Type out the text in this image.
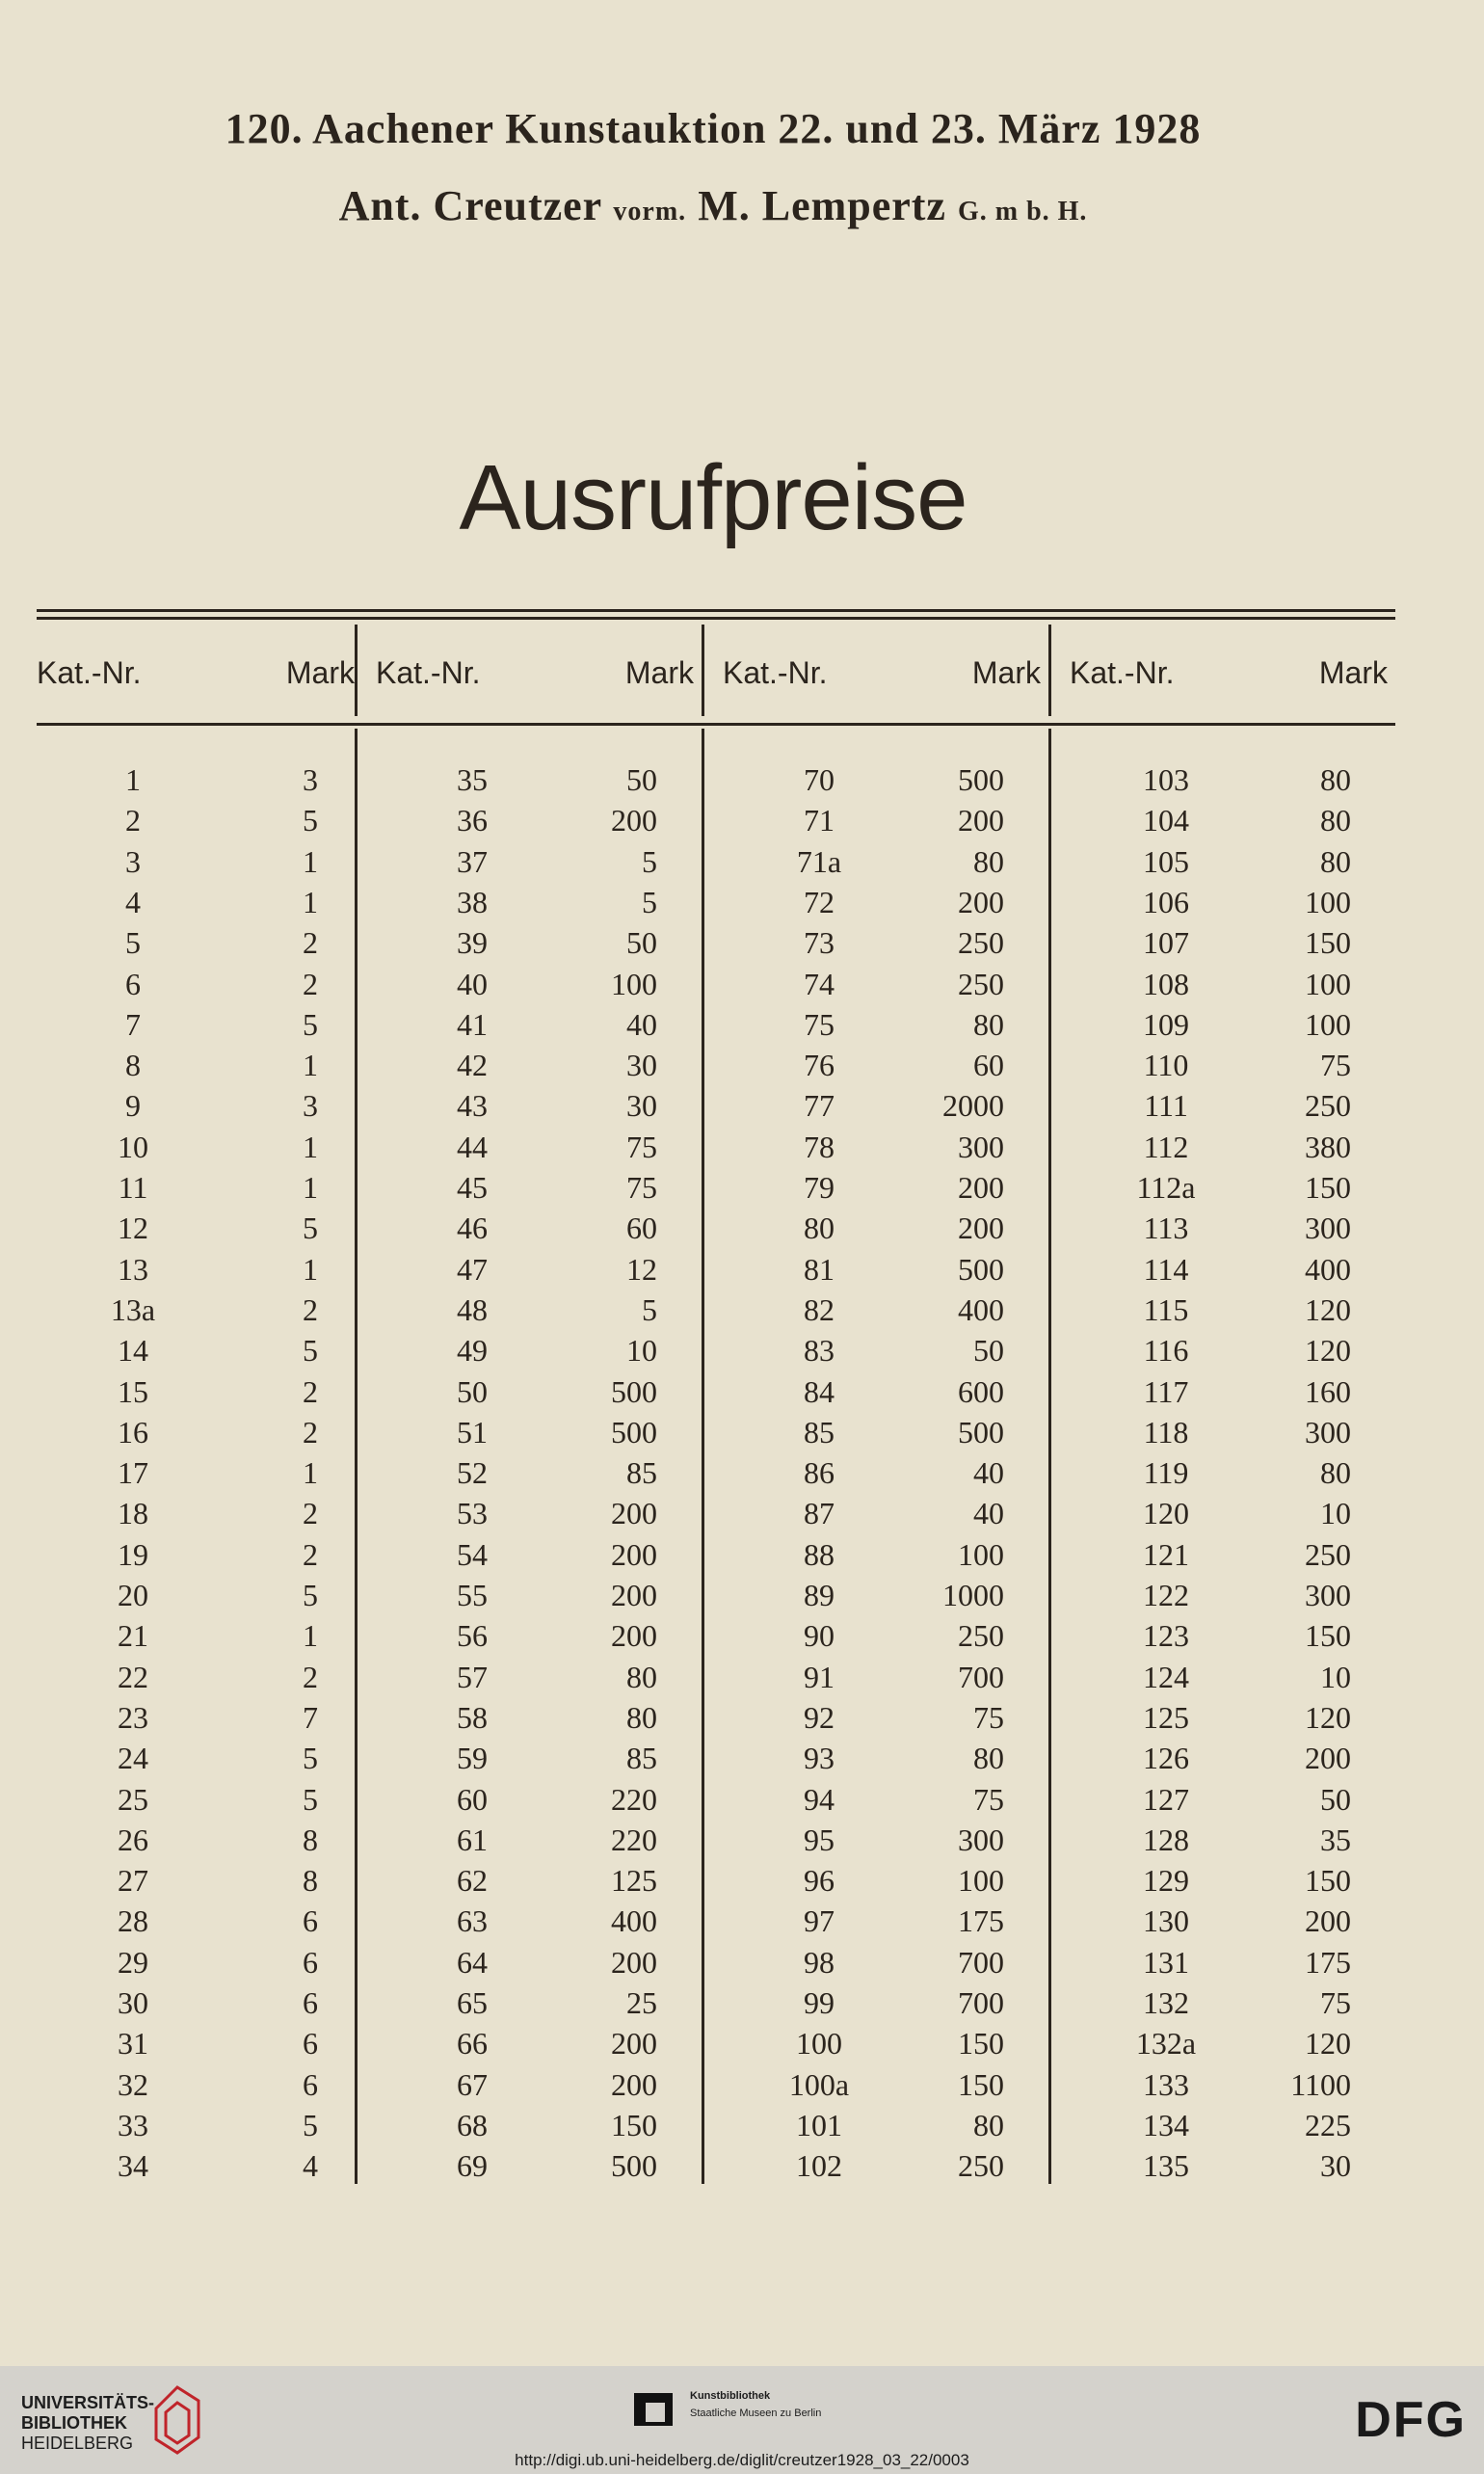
120. Aachener Kunstauktion 22. und 23. März 1928
Ant. Creutzer vorm. M. Lempertz G. m b. H.
Ausrufpreise
Kat.-Nr.	Mark
1	3
2	5
3	1
4	1
5	2
6	2
7	5
8	1
9	3
10	1
11	1
12	5
13	1
13a	2
14	5
15	2
16	2
17	1
18	2
19	2
20	5
21	1
22	2
23	7
24	5
25	5
26	8
27	8
28	6
29	6
30	6
31	6
32	6
33	5
34	4
Kat.-Nr.	Mark
35	50
36	200
37	5
38	5
39	50
40	100
41	40
42	30
43	30
44	75
45	75
46	60
47	12
48	5
49	10
50	500
51	500
52	85
53	200
54	200
55	200
56	200
57	80
58	80
59	85
60	220
61	220
62	125
63	400
64	200
65	25
66	200
67	200
68	150
69	500
Kat.-Nr.	Mark
70	500
71	200
71a	80
72	200
73	250
74	250
75	80
76	60
77	2000
78	300
79	200
80	200
81	500
82	400
83	50
84	600
85	500
86	40
87	40
88	100
89	1000
90	250
91	700
92	75
93	80
94	75
95	300
96	100
97	175
98	700
99	700
100	150
100a	150
101	80
102	250
Kat.-Nr.	Mark
103	80
104	80
105	80
106	100
107	150
108	100
109	100
110	75
111	250
112	380
112a	150
113	300
114	400
115	120
116	120
117	160
118	300
119	80
120	10
121	250
122	300
123	150
124	10
125	120
126	200
127	50
128	35
129	150
130	200
131	175
132	75
132a	120
133	1100
134	225
135	30
UNIVERSITÄTS-
BIBLIOTHEK
HEIDELBERG
Kunstbibliothek
Staatliche Museen zu Berlin	DFG
http://digi.ub.uni-heidelberg.de/diglit/creutzer1928_03_22/0003
